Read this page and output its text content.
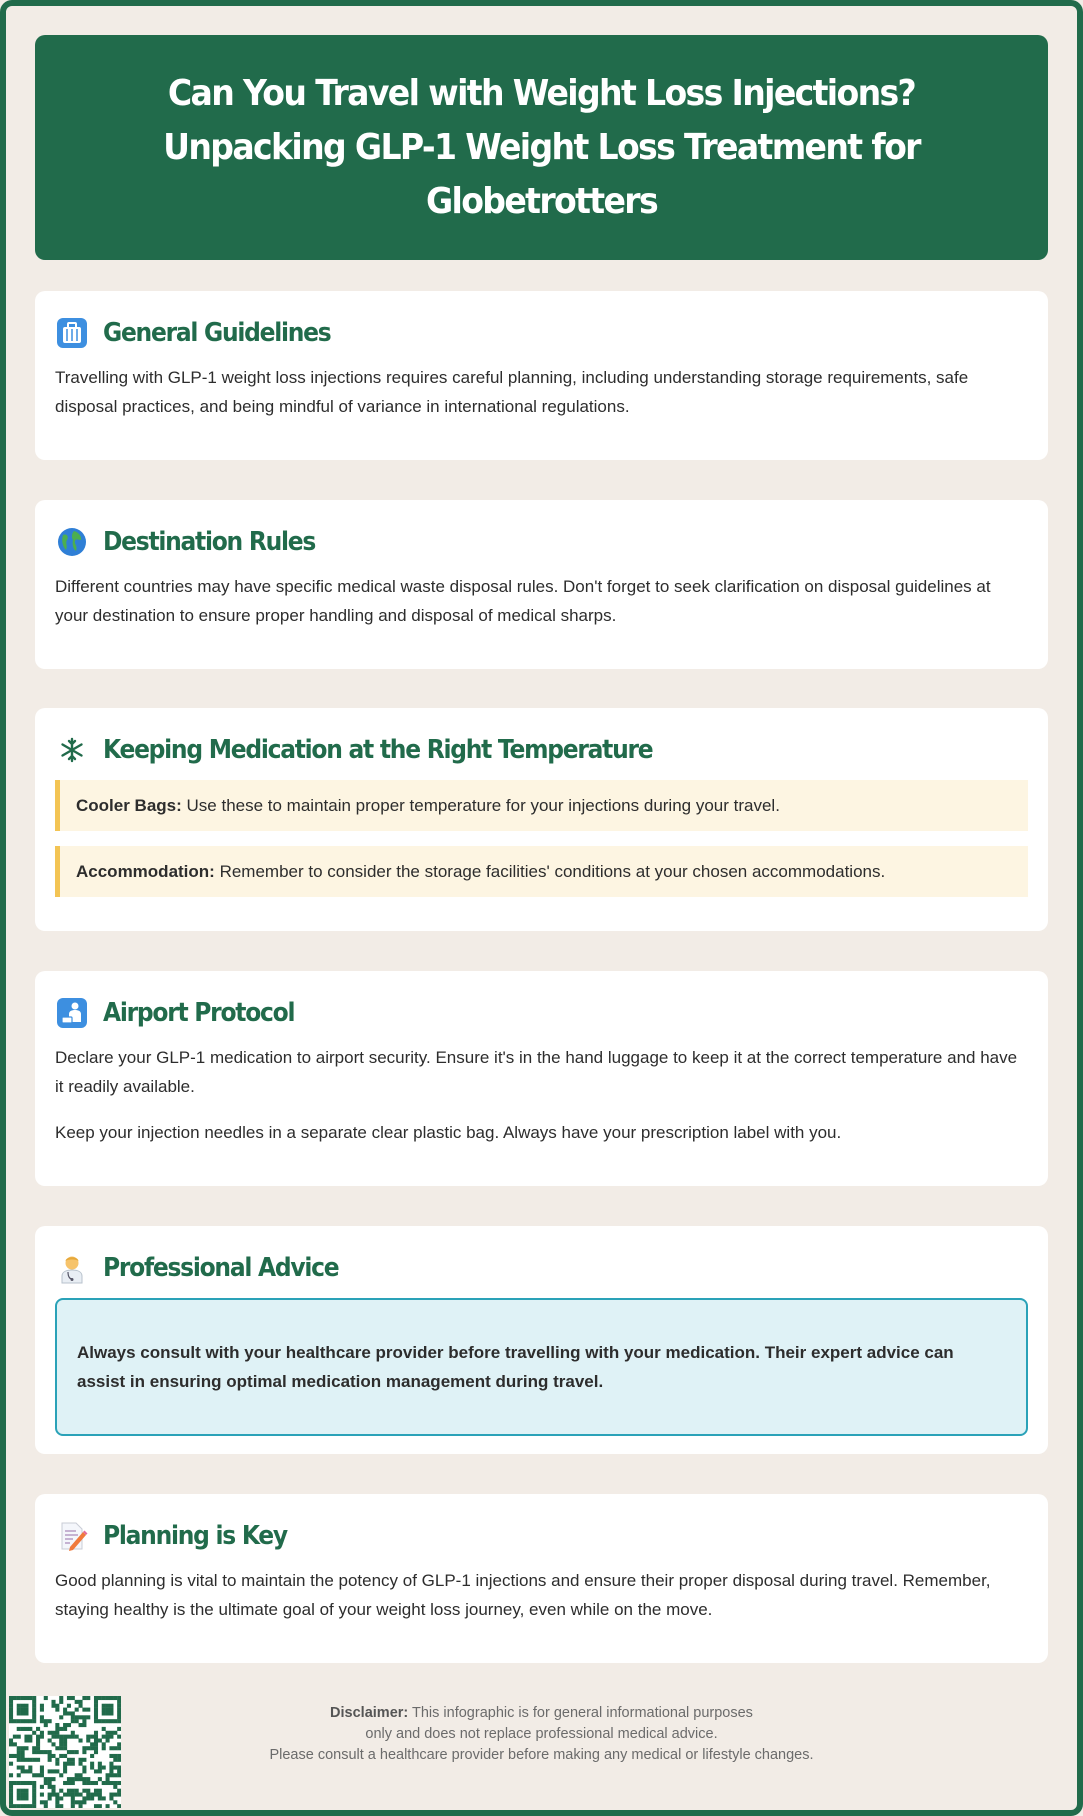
Can You Travel with Weight Loss Injections? Unpacking GLP-1 Weight Loss Treatment for Globetrotters
General Guidelines

Travelling with GLP-1 weight loss injections requires careful planning, including understanding storage requirements, safe disposal practices, and being mindful of variance in international regulations.

Destination Rules

Different countries may have specific medical waste disposal rules. Don't forget to seek clarification on disposal guidelines at your destination to ensure proper handling and disposal of medical sharps.

Keeping Medication at the Right Temperature
Cooler Bags: Use these to maintain proper temperature for your injections during your travel.
Accommodation: Remember to consider the storage facilities' conditions at your chosen accommodations.
Airport Protocol

Declare your GLP-1 medication to airport security. Ensure it's in the hand luggage to keep it at the correct temperature and have it readily available.

Keep your injection needles in a separate clear plastic bag. Always have your prescription label with you.

Professional Advice
Always consult with your healthcare provider before travelling with your medication. Their expert advice can assist in ensuring optimal medication management during travel.
Planning is Key

Good planning is vital to maintain the potency of GLP-1 injections and ensure their proper disposal during travel. Remember, staying healthy is the ultimate goal of your weight loss journey, even while on the move.

Disclaimer: This infographic is for general informational purposes
only and does not replace professional medical advice.
Please consult a healthcare provider before making any medical or lifestyle changes.
